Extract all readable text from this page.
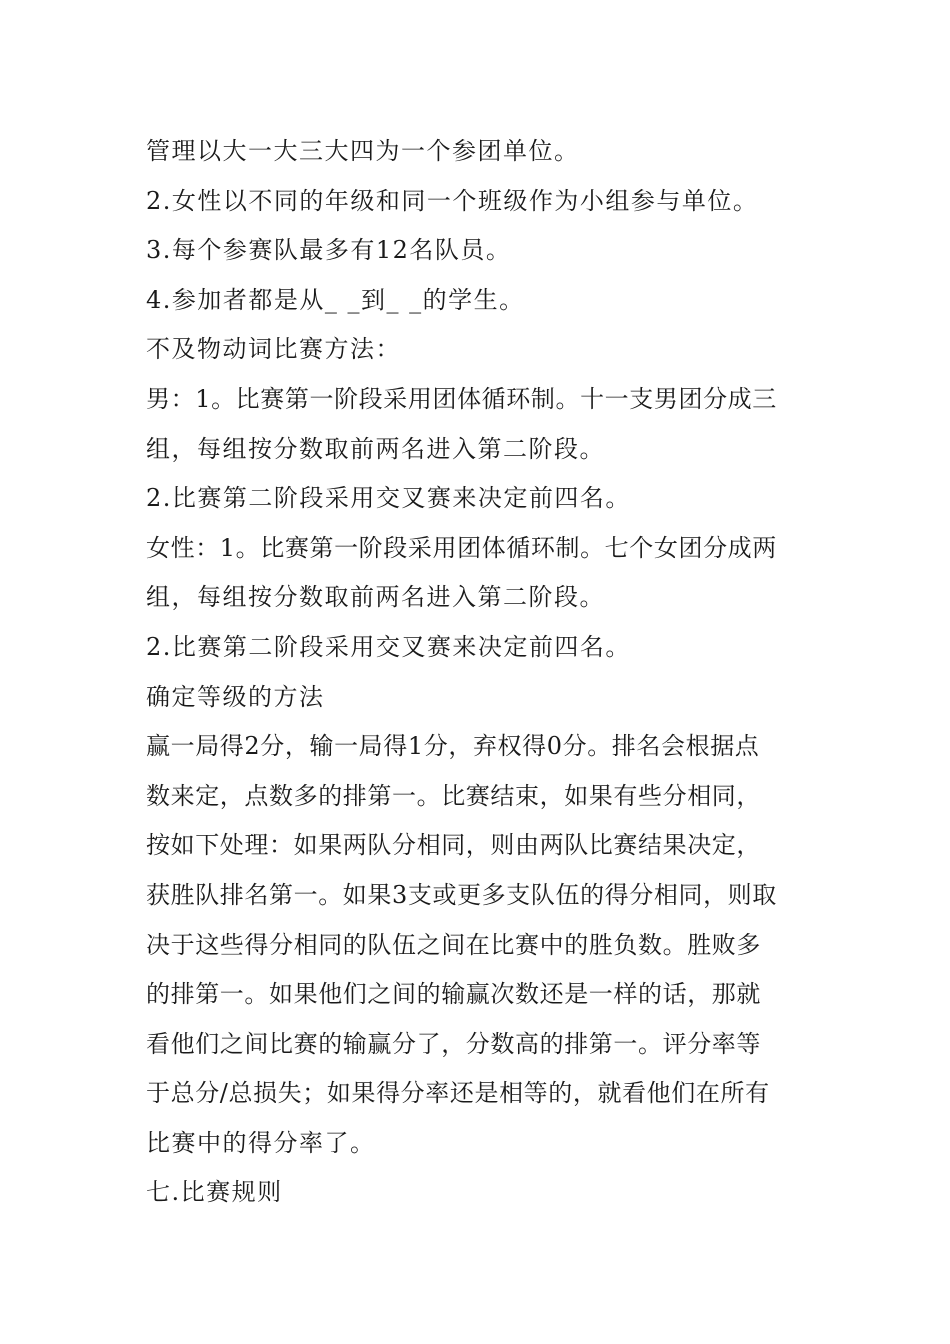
管理以大一大三大四为一个参团单位。
2.女性以不同的年级和同一个班级作为小组参与单位。
3.每个参赛队最多有12名队员。
4.参加者都是从_ _到_ _的学生。
不及物动词比赛方法：
男：1。比赛第一阶段采用团体循环制。十一支男团分成三
组，每组按分数取前两名进入第二阶段。
2.比赛第二阶段采用交叉赛来决定前四名。
女性：1。比赛第一阶段采用团体循环制。七个女团分成两
组，每组按分数取前两名进入第二阶段。
2.比赛第二阶段采用交叉赛来决定前四名。
确定等级的方法
赢一局得2分，输一局得1分，弃权得0分。排名会根据点
数来定，点数多的排第一。比赛结束，如果有些分相同，
按如下处理：如果两队分相同，则由两队比赛结果决定，
获胜队排名第一。如果3支或更多支队伍的得分相同，则取
决于这些得分相同的队伍之间在比赛中的胜负数。胜败多
的排第一。如果他们之间的输赢次数还是一样的话，那就
看他们之间比赛的输赢分了，分数高的排第一。评分率等
于总分/总损失；如果得分率还是相等的，就看他们在所有
比赛中的得分率了。
七.比赛规则
